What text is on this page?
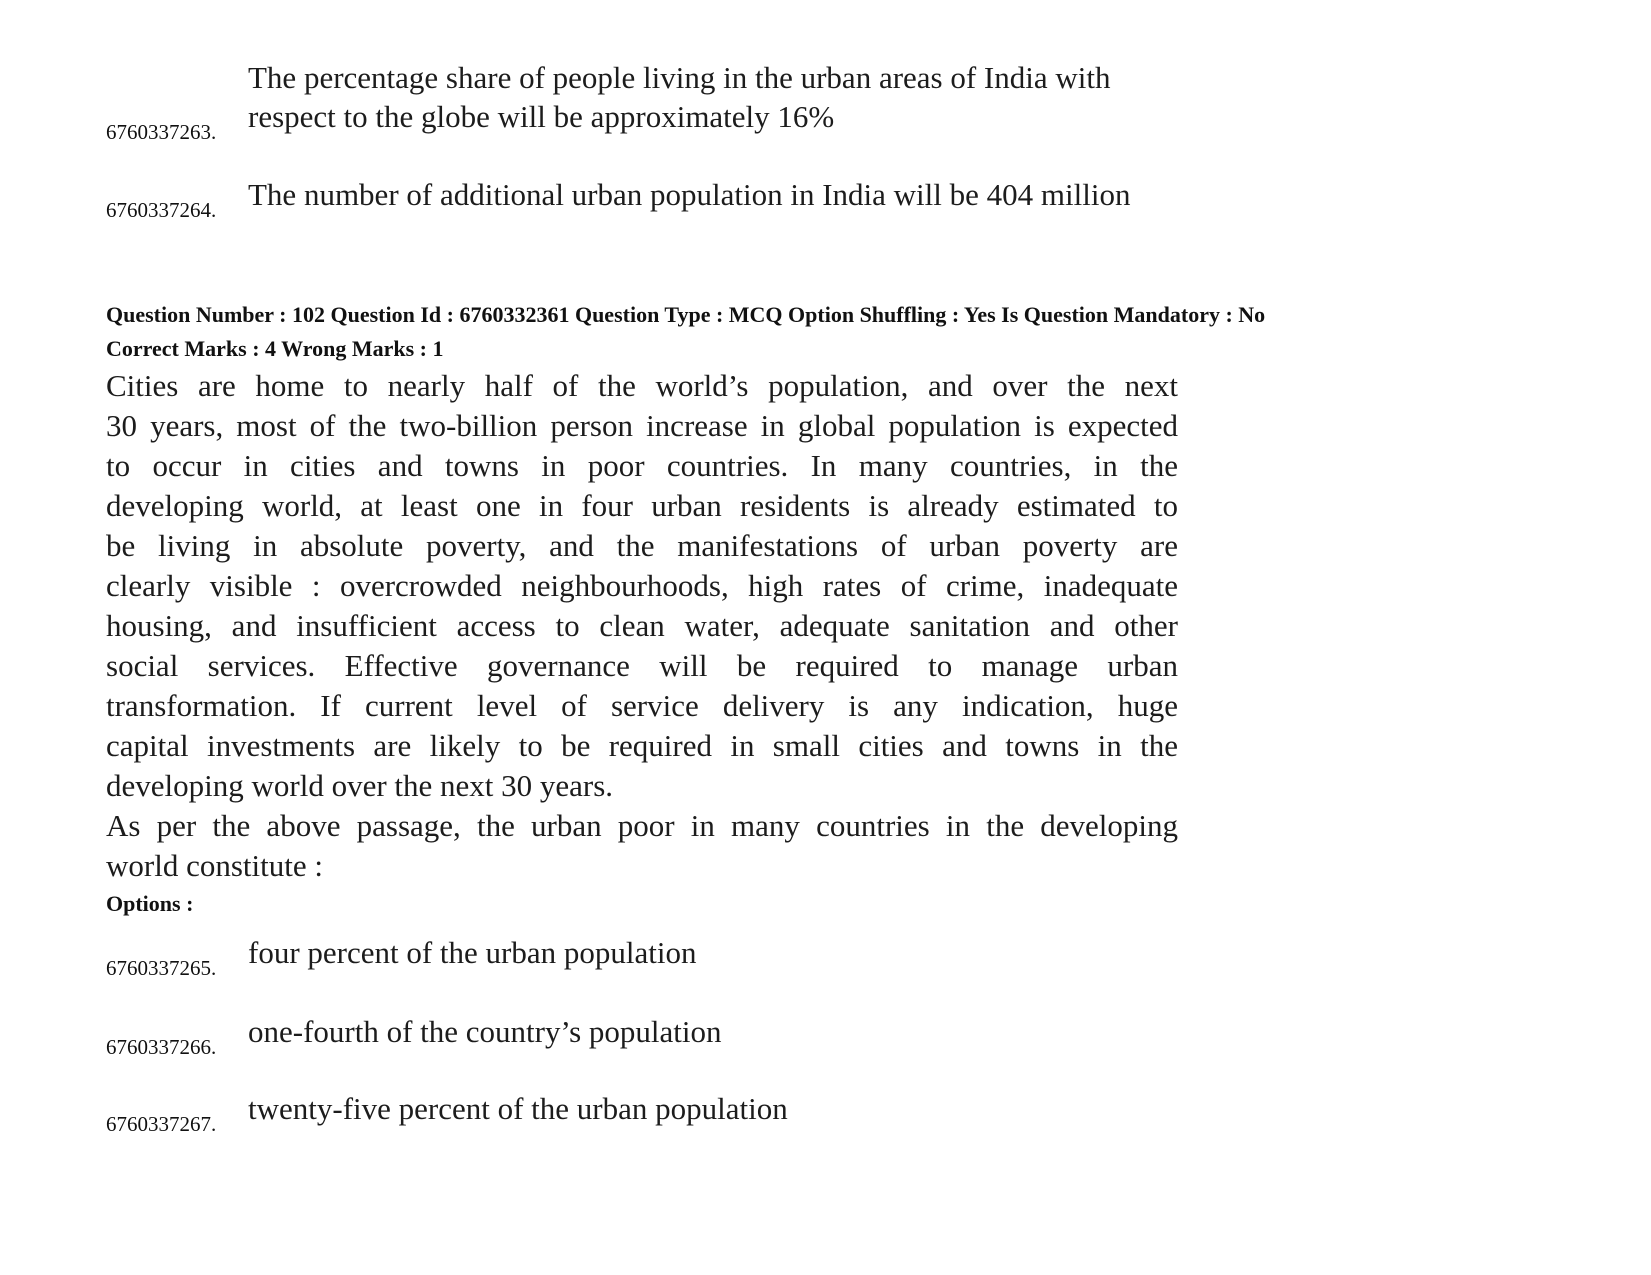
The percentage share of people living in the urban areas of India with
respect to the globe will be approximately 16%
6760337263.
The number of additional urban population in India will be 404 million
6760337264.
Question Number : 102 Question Id : 6760332361 Question Type : MCQ Option Shuffling : Yes Is Question Mandatory : No
Correct Marks : 4 Wrong Marks : 1
Cities are home to nearly half of the world’s population, and over the next
30 years, most of the two-billion person increase in global population is expected
to occur in cities and towns in poor countries. In many countries, in the
developing world, at least one in four urban residents is already estimated to
be living in absolute poverty, and the manifestations of urban poverty are
clearly visible : overcrowded neighbourhoods, high rates of crime, inadequate
housing, and insufficient access to clean water, adequate sanitation and other
social services. Effective governance will be required to manage urban
transformation. If current level of service delivery is any indication, huge
capital investments are likely to be required in small cities and towns in the
developing world over the next 30 years.
As per the above passage, the urban poor in many countries in the developing
world constitute :
Options :
four percent of the urban population
6760337265.
one-fourth of the country’s population
6760337266.
twenty-five percent of the urban population
6760337267.
